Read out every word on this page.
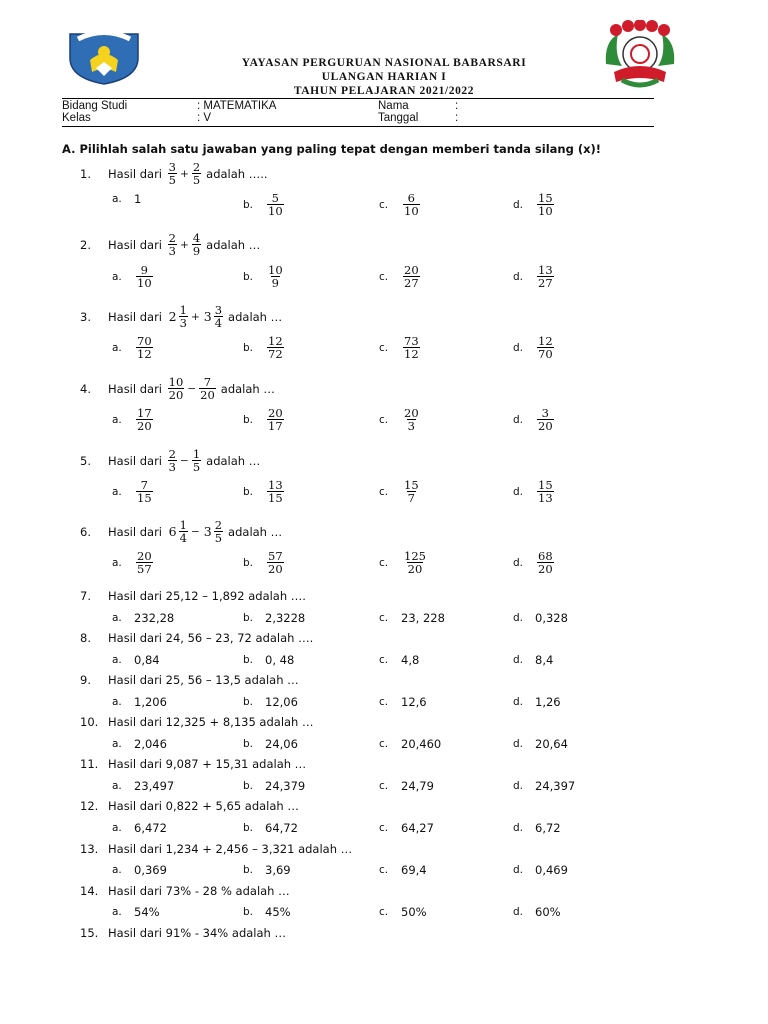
YAYASAN PERGURUAN NASIONAL BABARSARI
ULANGAN HARIAN I
TAHUN PELAJARAN 2021/2022
Bidang Studi	: MATEMATIKA	Nama	:
Kelas	: V	Tanggal	:
A. Pilihlah salah satu jawaban yang paling tepat dengan memberi tanda silang (x)!
1.	Hasil dari $\frac{3}{5} + \frac{2}{5}$ adalah …..
a.	1	b.	$\frac{5}{10}$	c.	$\frac{6}{10}$	d.	$\frac{15}{10}$
2.	Hasil dari $\frac{2}{3} + \frac{4}{9}$ adalah …
a.	$\frac{9}{10}$	b.	$\frac{10}{9}$	c.	$\frac{20}{27}$	d.	$\frac{13}{27}$
3.	Hasil dari $2 \frac{1}{3} + 3 \frac{3}{4}$ adalah …
a.	$\frac{70}{12}$	b.	$\frac{12}{72}$	c.	$\frac{73}{12}$	d.	$\frac{12}{70}$
4.	Hasil dari $\frac{10}{20} - \frac{7}{20}$ adalah …
a.	$\frac{17}{20}$	b.	$\frac{20}{17}$	c.	$\frac{20}{3}$	d.	$\frac{3}{20}$
5.	Hasil dari $\frac{2}{3} - \frac{1}{5}$ adalah …
a.	$\frac{7}{15}$	b.	$\frac{13}{15}$	c.	$\frac{15}{7}$	d.	$\frac{15}{13}$
6.	Hasil dari $6 \frac{1}{4} - 3 \frac{2}{5}$ adalah …
a.	$\frac{20}{57}$	b.	$\frac{57}{20}$	c.	$\frac{125}{20}$	d.	$\frac{68}{20}$
7.	Hasil dari 25,12 – 1,892 adalah ….
a.	232,28	b.	2,3228	c.	23, 228	d.	0,328
8.	Hasil dari 24, 56 – 23, 72 adalah ….
a.	0,84	b.	0, 48	c.	4,8	d.	8,4
9.	Hasil dari 25, 56 – 13,5 adalah …
a.	1,206	b.	12,06	c.	12,6	d.	1,26
10. Hasil dari 12,325 + 8,135 adalah …
a.	2,046	b.	24,06	c.	20,460	d.	20,64
11. Hasil dari 9,087 + 15,31 adalah …
a.	23,497	b.	24,379	c.	24,79	d.	24,397
12. Hasil dari 0,822 + 5,65 adalah …
a.	6,472	b.	64,72	c.	64,27	d.	6,72
13. Hasil dari 1,234 + 2,456 – 3,321 adalah …
a.	0,369	b.	3,69	c.	69,4	d.	0,469
14. Hasil dari 73% - 28 % adalah …
a.	54%	b.	45%	c.	50%	d.	60%
15. Hasil dari 91% - 34% adalah …
